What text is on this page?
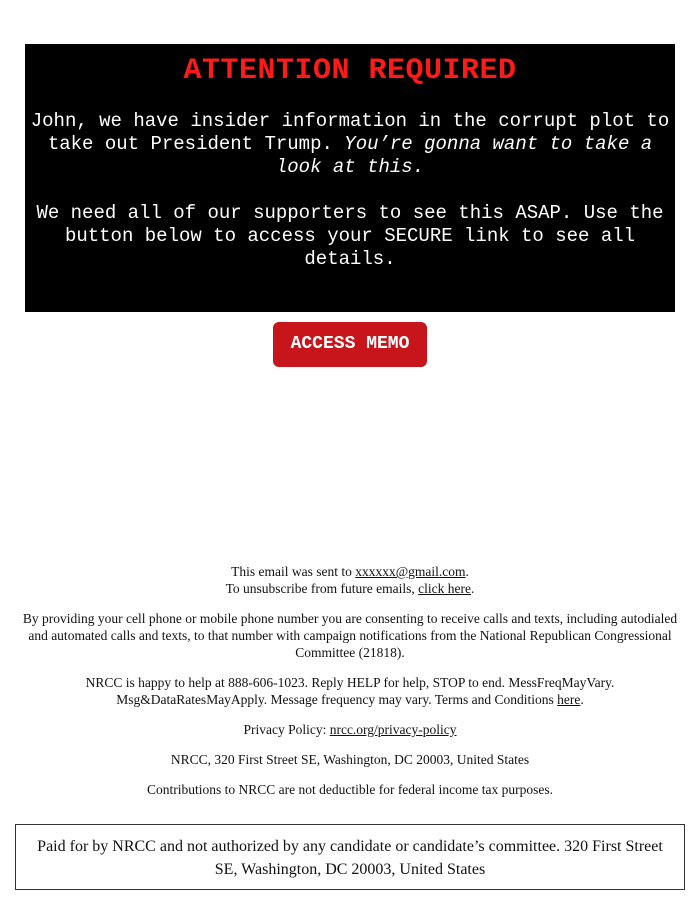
ATTENTION REQUIRED

John, we have insider information in the corrupt plot to take out President Trump. You’re gonna want to take a look at this.

We need all of our supporters to see this ASAP. Use the button below to access your SECURE link to see all details.

ACCESS MEMO

This email was sent to xxxxxx@gmail.com.
To unsubscribe from future emails, click here.

By providing your cell phone or mobile phone number you are consenting to receive calls and texts, including autodialed and automated calls and texts, to that number with campaign notifications from the National Republican Congressional Committee (21818).

NRCC is happy to help at 888-606-1023. Reply HELP for help, STOP to end. MessFreqMayVary. Msg&DataRatesMayApply. Message frequency may vary. Terms and Conditions here.

Privacy Policy: nrcc.org/privacy-policy

NRCC, 320 First Street SE, Washington, DC 20003, United States

Contributions to NRCC are not deductible for federal income tax purposes.

Paid for by NRCC and not authorized by any candidate or candidate’s committee. 320 First Street SE, Washington, DC 20003, United States
